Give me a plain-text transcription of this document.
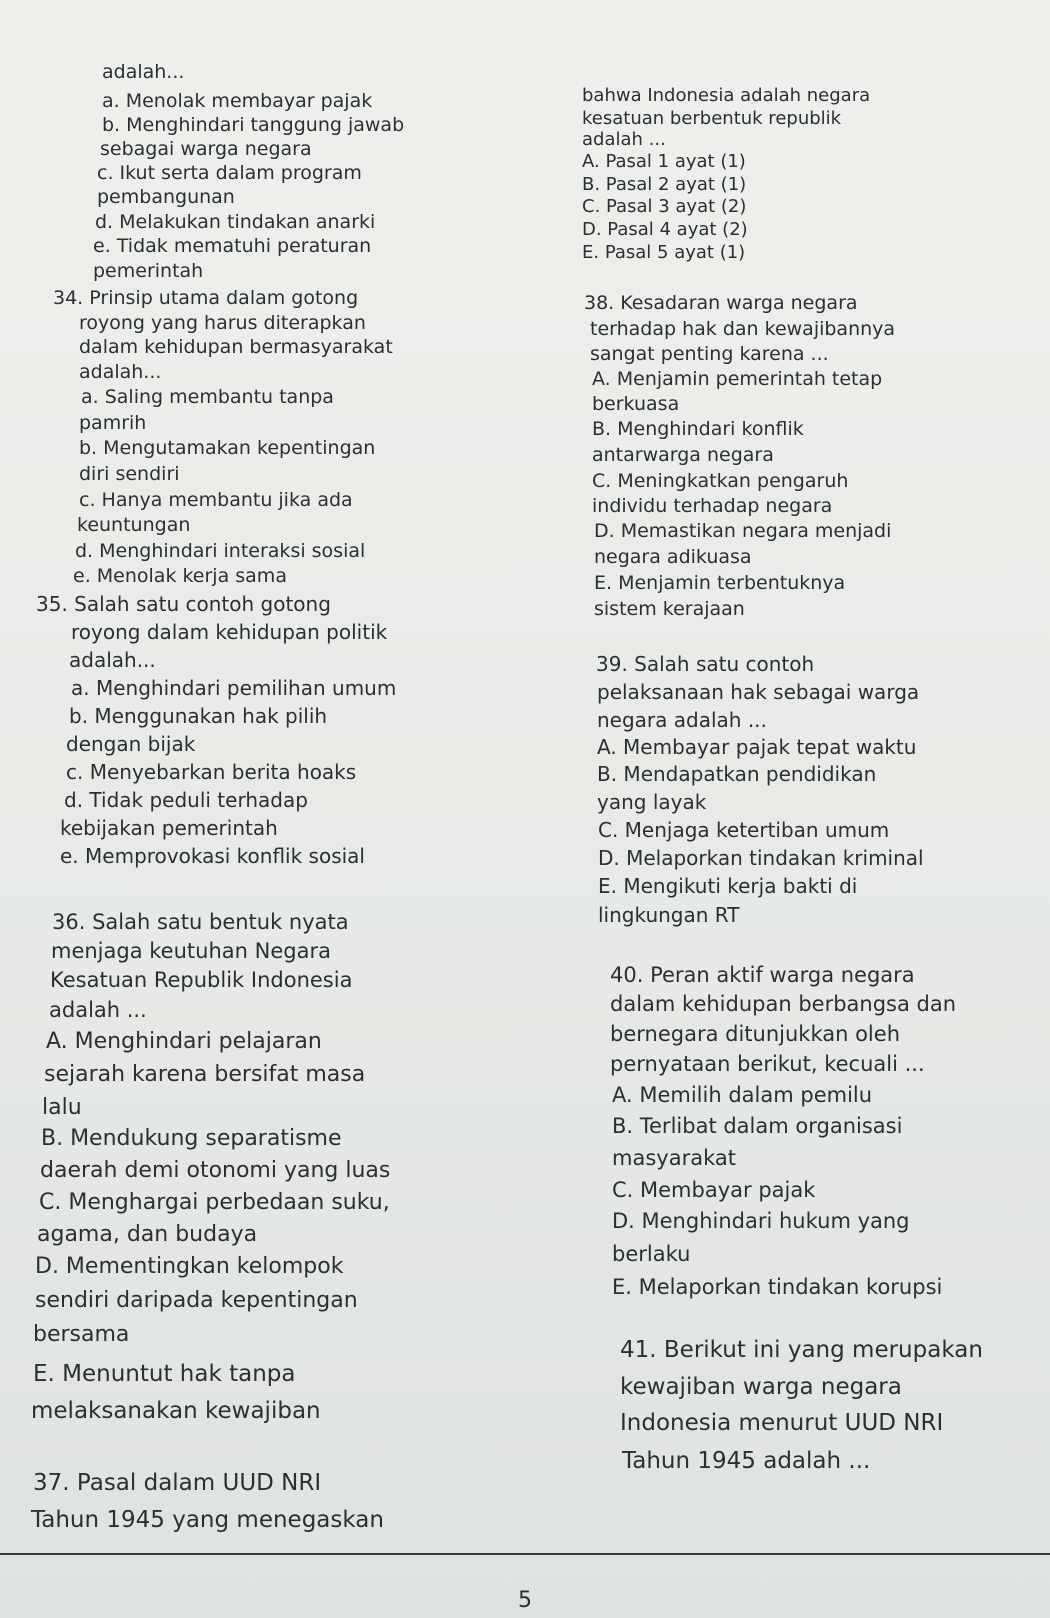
adalah...
a. Menolak membayar pajak
b. Menghindari tanggung jawab
sebagai warga negara
c. Ikut serta dalam program
pembangunan
d. Melakukan tindakan anarki
e. Tidak mematuhi peraturan
pemerintah
34. Prinsip utama dalam gotong
royong yang harus diterapkan
dalam kehidupan bermasyarakat
adalah...
a. Saling membantu tanpa
pamrih
b. Mengutamakan kepentingan
diri sendiri
c. Hanya membantu jika ada
keuntungan
d. Menghindari interaksi sosial
e. Menolak kerja sama
35. Salah satu contoh gotong
royong dalam kehidupan politik
adalah...
a. Menghindari pemilihan umum
b. Menggunakan hak pilih
dengan bijak
c. Menyebarkan berita hoaks
d. Tidak peduli terhadap
kebijakan pemerintah
e. Memprovokasi konflik sosial
36. Salah satu bentuk nyata
menjaga keutuhan Negara
Kesatuan Republik Indonesia
adalah ...
A. Menghindari pelajaran
sejarah karena bersifat masa
lalu
B. Mendukung separatisme
daerah demi otonomi yang luas
C. Menghargai perbedaan suku,
agama, dan budaya
D. Mementingkan kelompok
sendiri daripada kepentingan
bersama
E. Menuntut hak tanpa
melaksanakan kewajiban
37. Pasal dalam UUD NRI
Tahun 1945 yang menegaskan
bahwa Indonesia adalah negara
kesatuan berbentuk republik
adalah ...
A. Pasal 1 ayat (1)
B. Pasal 2 ayat (1)
C. Pasal 3 ayat (2)
D. Pasal 4 ayat (2)
E. Pasal 5 ayat (1)
38. Kesadaran warga negara
terhadap hak dan kewajibannya
sangat penting karena ...
A. Menjamin pemerintah tetap
berkuasa
B. Menghindari konflik
antarwarga negara
C. Meningkatkan pengaruh
individu terhadap negara
D. Memastikan negara menjadi
negara adikuasa
E. Menjamin terbentuknya
sistem kerajaan
39. Salah satu contoh
pelaksanaan hak sebagai warga
negara adalah ...
A. Membayar pajak tepat waktu
B. Mendapatkan pendidikan
yang layak
C. Menjaga ketertiban umum
D. Melaporkan tindakan kriminal
E. Mengikuti kerja bakti di
lingkungan RT
40. Peran aktif warga negara
dalam kehidupan berbangsa dan
bernegara ditunjukkan oleh
pernyataan berikut, kecuali ...
A. Memilih dalam pemilu
B. Terlibat dalam organisasi
masyarakat
C. Membayar pajak
D. Menghindari hukum yang
berlaku
E. Melaporkan tindakan korupsi
41. Berikut ini yang merupakan
kewajiban warga negara
Indonesia menurut UUD NRI
Tahun 1945 adalah ...
5
